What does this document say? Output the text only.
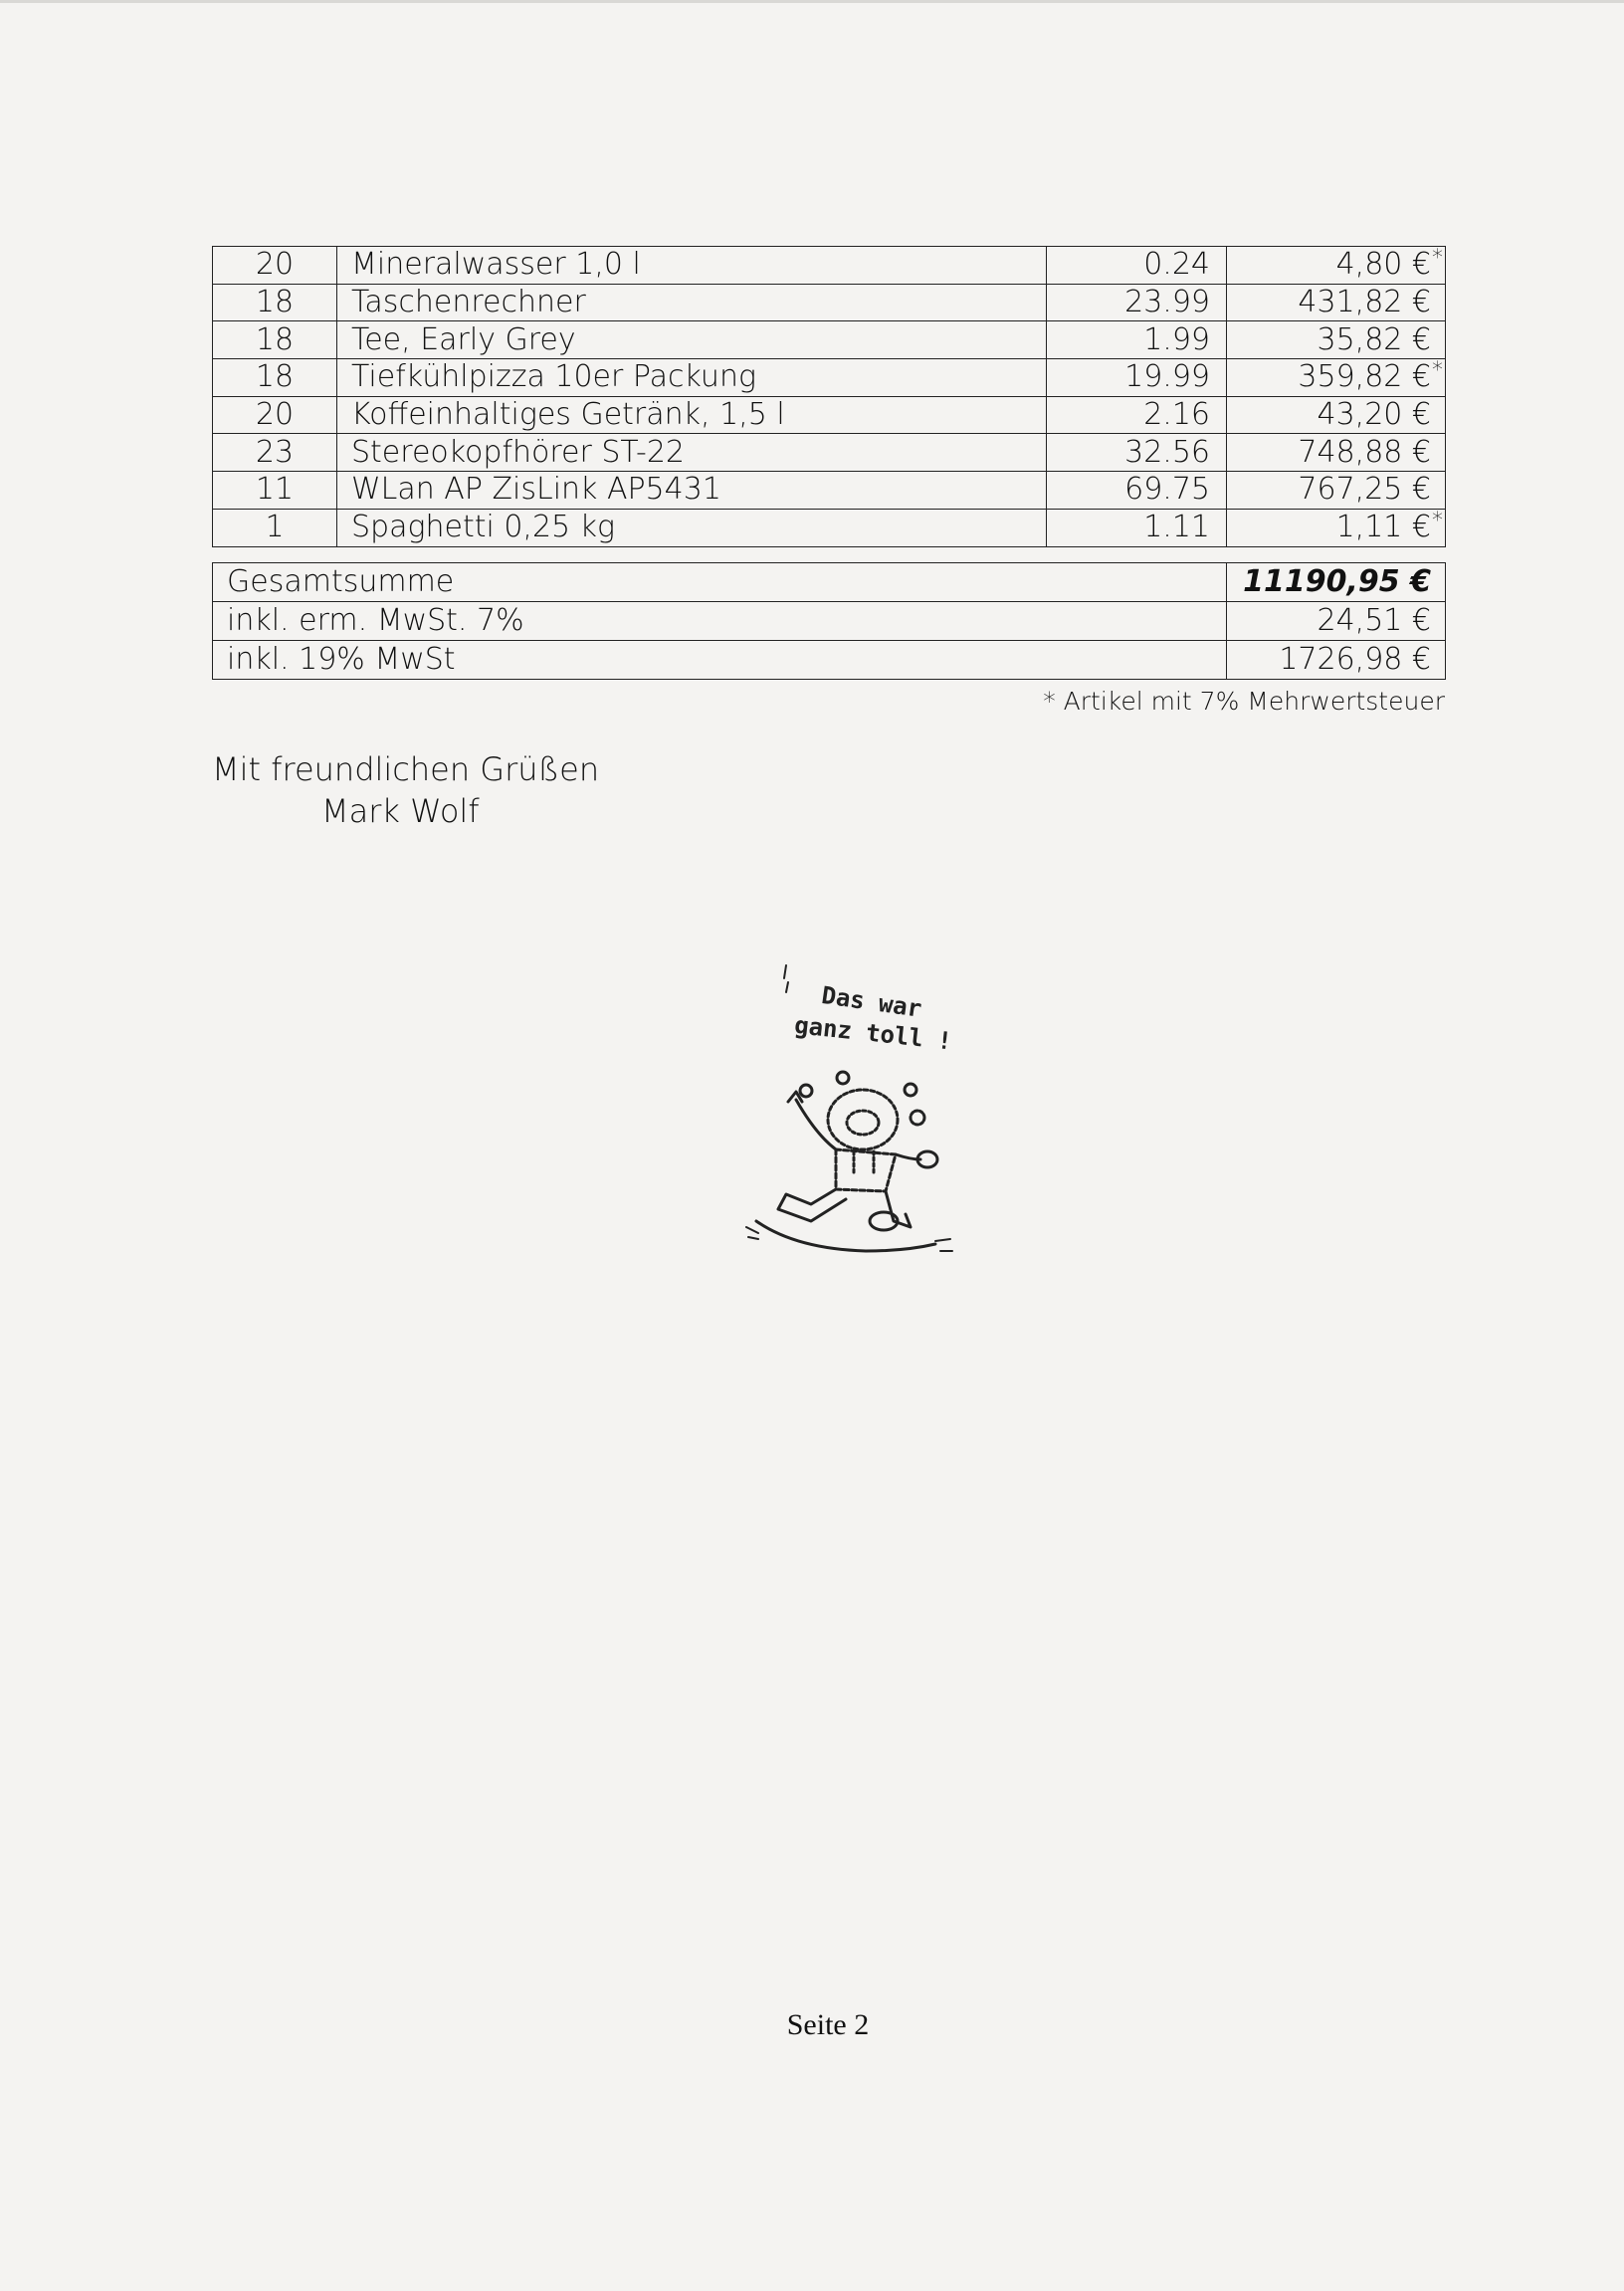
20	Mineralwasser 1,0 l	0.24	4,80 € *

18	Taschenrechner	23.99	431,82 €
18	Tee, Early Grey	1.99	35,82 €
18	Tiefkühlpizza 10er Packung	19.99	359,82 € *

20	Koffeinhaltiges Getränk, 1,5 l	2.16	43,20 €
23	Stereokopfhörer ST-22	32.56	748,88 €
11	WLan AP ZisLink AP5431	69.75	767,25 €
1	Spaghetti 0,25 kg	1.11	1,11 € *
Gesamtsumme	11190,95 €
inkl. erm. MwSt. 7%	24,51 €
inkl. 19% MwSt	1726,98 €
* Artikel mit 7% Mehrwertsteuer
Mit freundlichen Grüßen
Mark Wolf
Das war
ganz toll !
Seite 2
